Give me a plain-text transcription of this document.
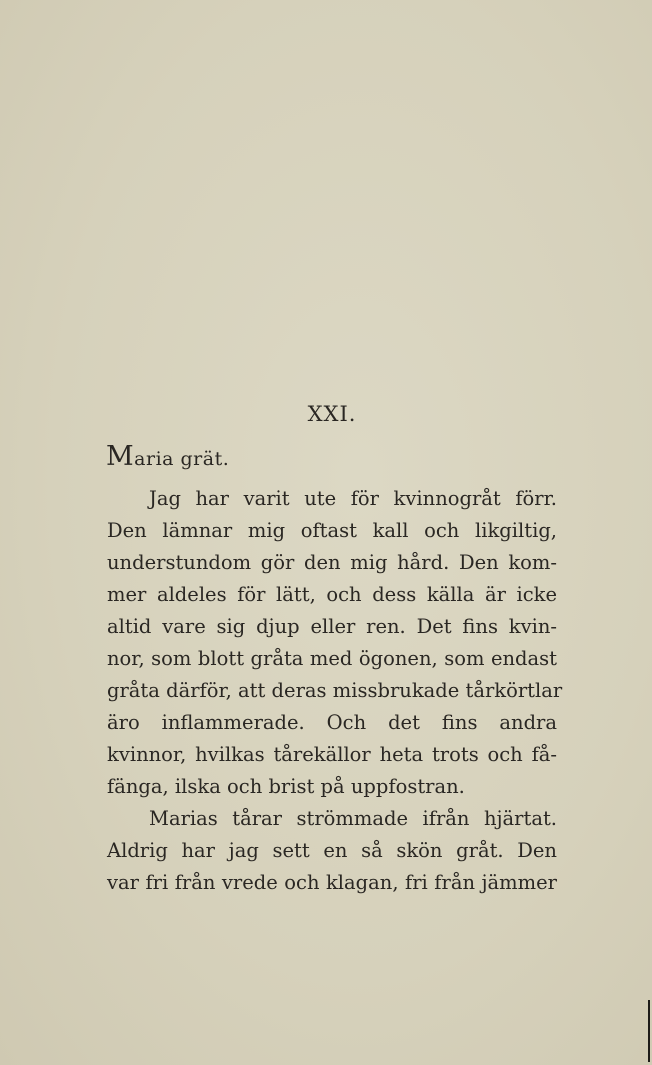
XXI.
Maria grät.
Jag har varit ute för kvinnogråt förr.
Den lämnar mig oftast kall och likgiltig,
understundom gör den mig hård. Den kom-
mer aldeles för lätt, och dess källa är icke
altid vare sig djup eller ren. Det fins kvin-
nor, som blott gråta med ögonen, som endast
gråta därför, att deras missbrukade tårkörtlar
äro inflammerade. Och det fins andra
kvinnor, hvilkas tårekällor heta trots och få-
fänga, ilska och brist på uppfostran.
Marias tårar strömmade ifrån hjärtat.
Aldrig har jag sett en så skön gråt. Den
var fri från vrede och klagan, fri från jämmer
